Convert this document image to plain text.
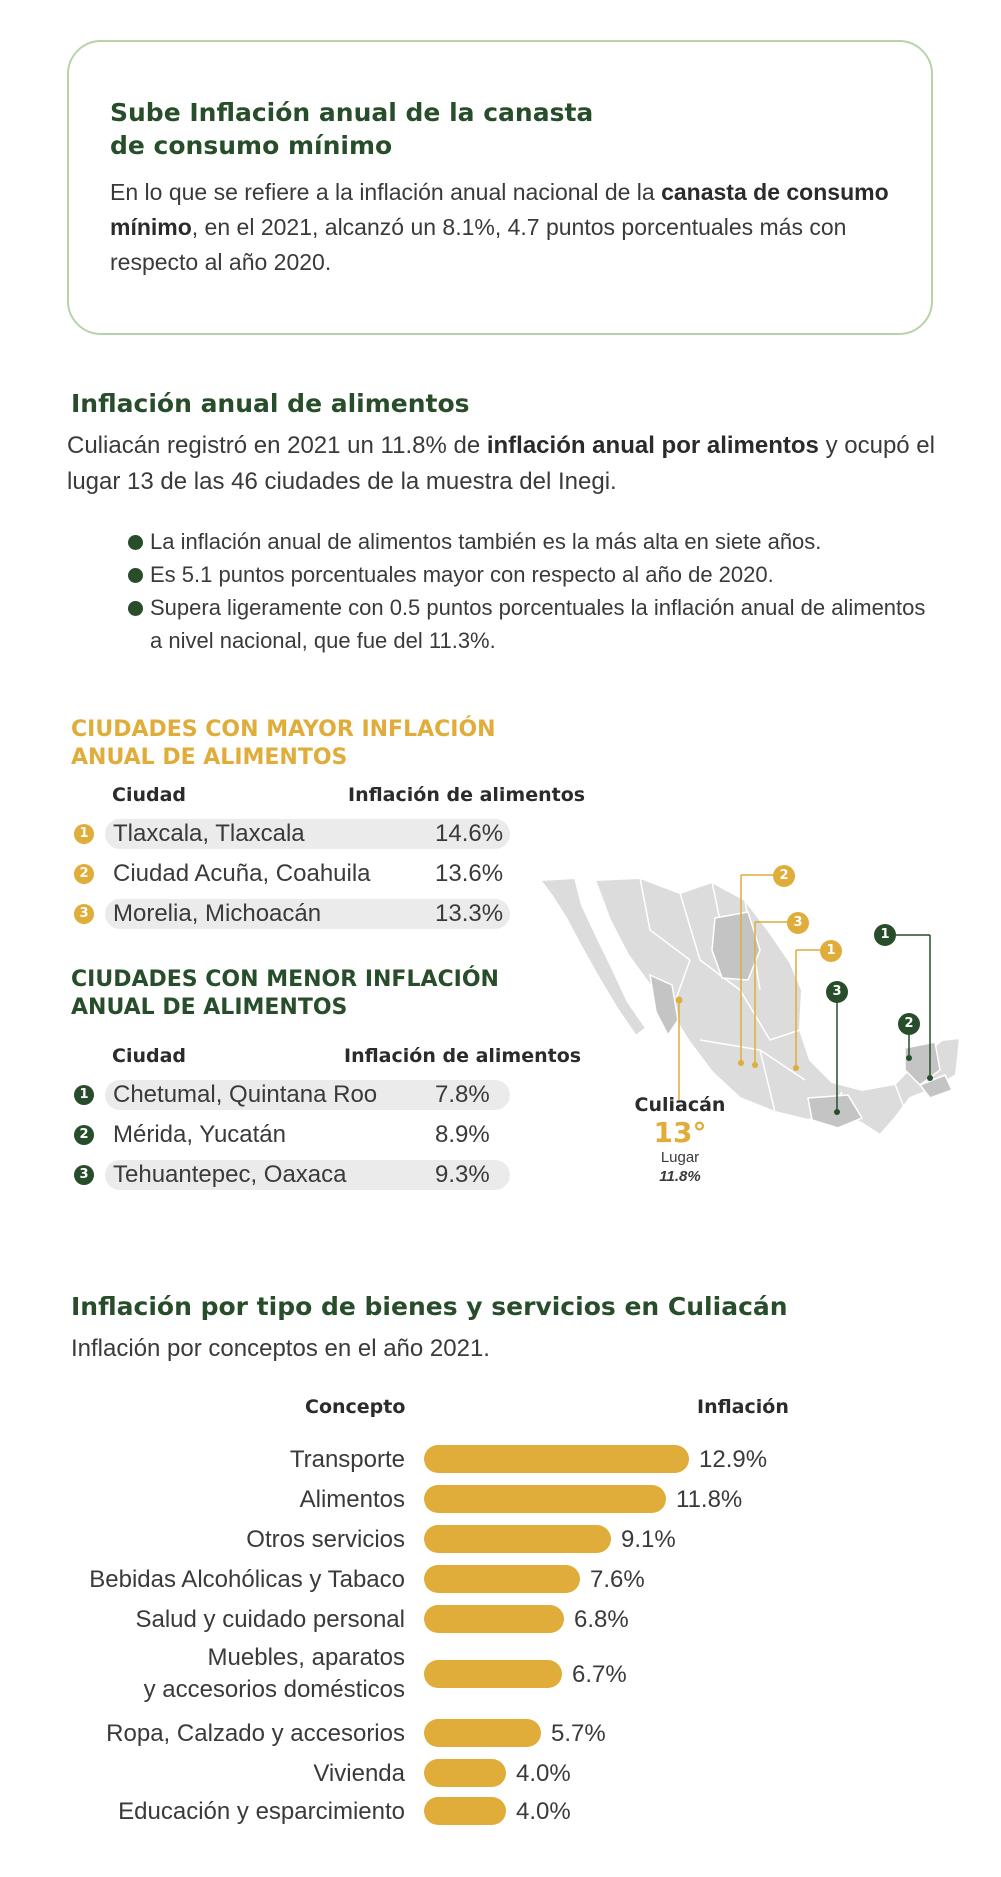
Sube Inflación anual de la canasta de consumo mínimo
En lo que se refiere a la inflación anual nacional de la canasta de consumo mínimo, en el 2021, alcanzó un 8.1%, 4.7 puntos porcentuales más con respecto al año 2020.
Inflación anual de alimentos
Culiacán registró en 2021 un 11.8% de inflación anual por alimentos y ocupó el lugar 13 de las 46 ciudades de la muestra del Inegi.
La inflación anual de alimentos también es la más alta en siete años.
Es 5.1 puntos porcentuales mayor con respecto al año de 2020.
Supera ligeramente con 0.5 puntos porcentuales la inflación anual de alimentos a nivel nacional, que fue del 11.3%.
CIUDADES CON MAYOR INFLACIÓN ANUAL DE ALIMENTOS
Ciudad	Inflación de alimentos
1 Tlaxcala, Tlaxcala	14.6%
2 Ciudad Acuña, Coahuila	13.6%
3 Morelia, Michoacán	13.3%
CIUDADES CON MENOR INFLACIÓN ANUAL DE ALIMENTOS
Ciudad	Inflación de alimentos
1 Chetumal, Quintana Roo 7.8%
2 Mérida, Yucatán	8.9%
3 Tehuantepec, Oaxaca	9.3%
2
3
1
1
3
2
Culiacán
13°
Lugar
11.8%
Inflación por tipo de bienes y servicios en Culiacán
Inflación por conceptos en el año 2021.
Concepto	Inflación
Transporte	12.9%
Alimentos	11.8%
Otros servicios	9.1%
Bebidas Alcohólicas y Tabaco	7.6%
Salud y cuidado personal	6.8%
Muebles, aparatos
y accesorios domésticos
6.7%
Ropa, Calzado y accesorios	5.7%
Vivienda	4.0%
Educación y esparcimiento	4.0%
